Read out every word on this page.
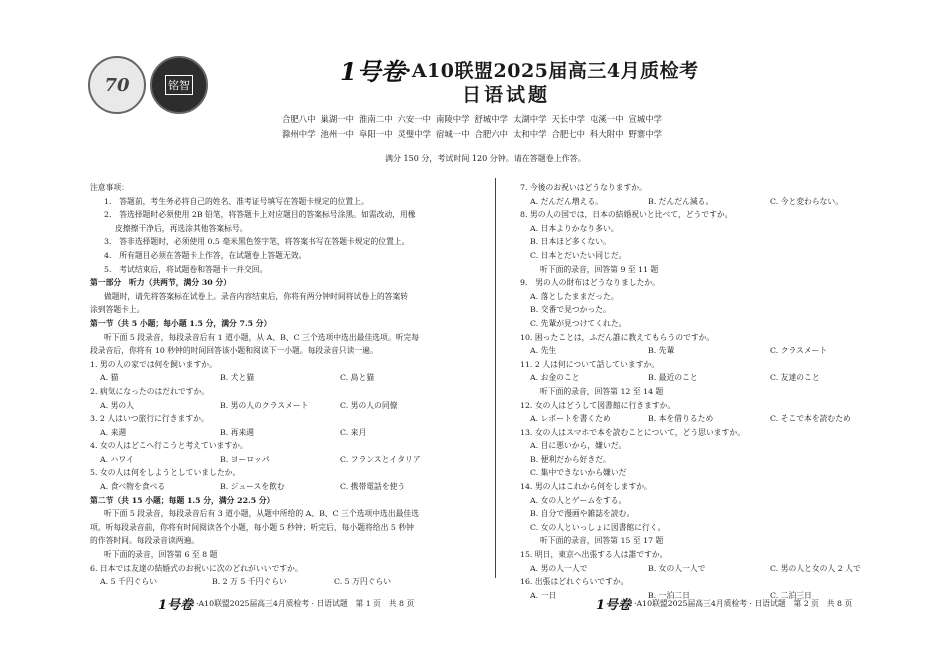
70	铭智	1号卷 ·A10联盟2025届高三4月质检考
日语试题
合肥八中 巢湖一中 淮南二中 六安一中 南陵中学 舒城中学 太湖中学 天长中学 屯溪一中 宣城中学
滁州中学 池州一中 阜阳一中 灵璧中学 宿城一中 合肥六中 太和中学 合肥七中 科大附中 野寨中学
满分 150 分，考试时间 120 分钟。请在答题卷上作答。
注意事项：
1.　答题前，考生务必将自己的姓名、准考证号填写在答题卡规定的位置上。
2.　答选择题时必须使用 2B 铅笔，将答题卡上对应题目的答案标号涂黑。如需改动，用橡
皮擦擦干净后，再选涂其他答案标号。
3.　答非选择题时，必须使用 0.5 毫米黑色签字笔，将答案书写在答题卡规定的位置上。
4.　所有题目必须在答题卡上作答，在试题卷上答题无效。
5.　考试结束后，将试题卷和答题卡一并交回。
第一部分　听力（共两节，满分 30 分）
做题时，请先将答案标在试卷上。录音内容结束后，你将有两分钟时间将试卷上的答案转
涂到答题卡上。
第一节（共 5 小题；每小题 1.5 分，满分 7.5 分）
听下面 5 段录音，每段录音后有 1 道小题，从 A、B、C 三个选项中选出最佳选项。听完每
段录音后，你将有 10 秒钟的时间回答该小题和阅读下一小题。每段录音只读一遍。
1. 男の人の家では何を飼いますか。
A. 猫	B. 犬と猫	C. 鳥と猫
2. 病気になったのはだれですか。
A. 男の人	B. 男の人のクラスメート	C. 男の人の同僚
3. 2 人はいつ旅行に行きますか。
A. 来週	B. 再来週	C. 来月
4. 女の人はどこへ行こうと考えていますか。
A. ハワイ	B. ヨーロッパ	C. フランスとイタリア
5. 女の人は何をしようとしていましたか。
A. 食べ物を食べる	B. ジュースを飲む	C. 携帯電話を使う
第二节（共 15 小题；每题 1.5 分，满分 22.5 分）
听下面 5 段录音，每段录音后有 3 道小题，从题中所给的 A、B、C 三个选项中选出最佳选
项。听每段录音前，你将有时间阅读各个小题，每小题 5 秒钟；听完后，每小题将给出 5 秒钟
的作答时间。每段录音读两遍。
听下面的录音，回答第 6 至 8 题
6. 日本では友達の結婚式のお祝いに次のどれがいいですか。
A. 5 千円ぐらい	B. 2 万 5 千円ぐらい	C. 5 万円ぐらい
7. 今後のお祝いはどうなりますか。
A. だんだん増える。	B. だんだん減る。	C. 今と変わらない。
8. 男の人の国では，日本の結婚祝いと比べて，どうですか。
A. 日本よりかなり多い。
B. 日本ほど多くない。
C. 日本とだいたい同じだ。
听下面的录音，回答第 9 至 11 题
9.　男の人の財布はどうなりましたか。
A. 落としたままだった。
B. 交番で見つかった。
C. 先輩が見つけてくれた。
10. 困ったことは，ふだん誰に教えてもらうのですか。
A. 先生	B. 先輩	C. クラスメート
11. 2 人は何について話していますか。
A. お金のこと	B. 最近のこと	C. 友達のこと
听下面的录音，回答第 12 至 14 题
12. 女の人はどうして図書館に行きますか。
A. レポートを書くため	B. 本を借りるため	C. そこで本を読むため
13. 女の人はスマホで本を読むことについて，どう思いますか。
A. 目に悪いから，嫌いだ。
B. 便利だから好きだ。
C. 集中できないから嫌いだ
14. 男の人はこれから何をしますか。
A. 女の人とゲームをする。
B. 自分で漫画や雑誌を読む。
C. 女の人といっしょに図書館に行く。
听下面的录音，回答第 15 至 17 题
15. 明日，東京へ出張する人は誰ですか。
A. 男の人一人で	B. 女の人一人で	C. 男の人と女の人 2 人で
16. 出張はどれぐらいですか。
A. 一日	B. 一泊二日	C. 二泊三日
1号卷 ·A10联盟2025届高三4月质检考 · 日语试题　第 1 页　共 8 页	1号卷 ·A10联盟2025届高三4月质检考 · 日语试题　第 2 页　共 8 页
